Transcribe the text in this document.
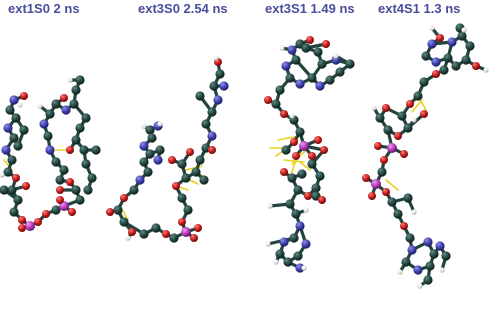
ext1S0 2 ns	ext3S0 2.54 ns	ext3S1 1.49 ns ext4S1 1.3 ns
